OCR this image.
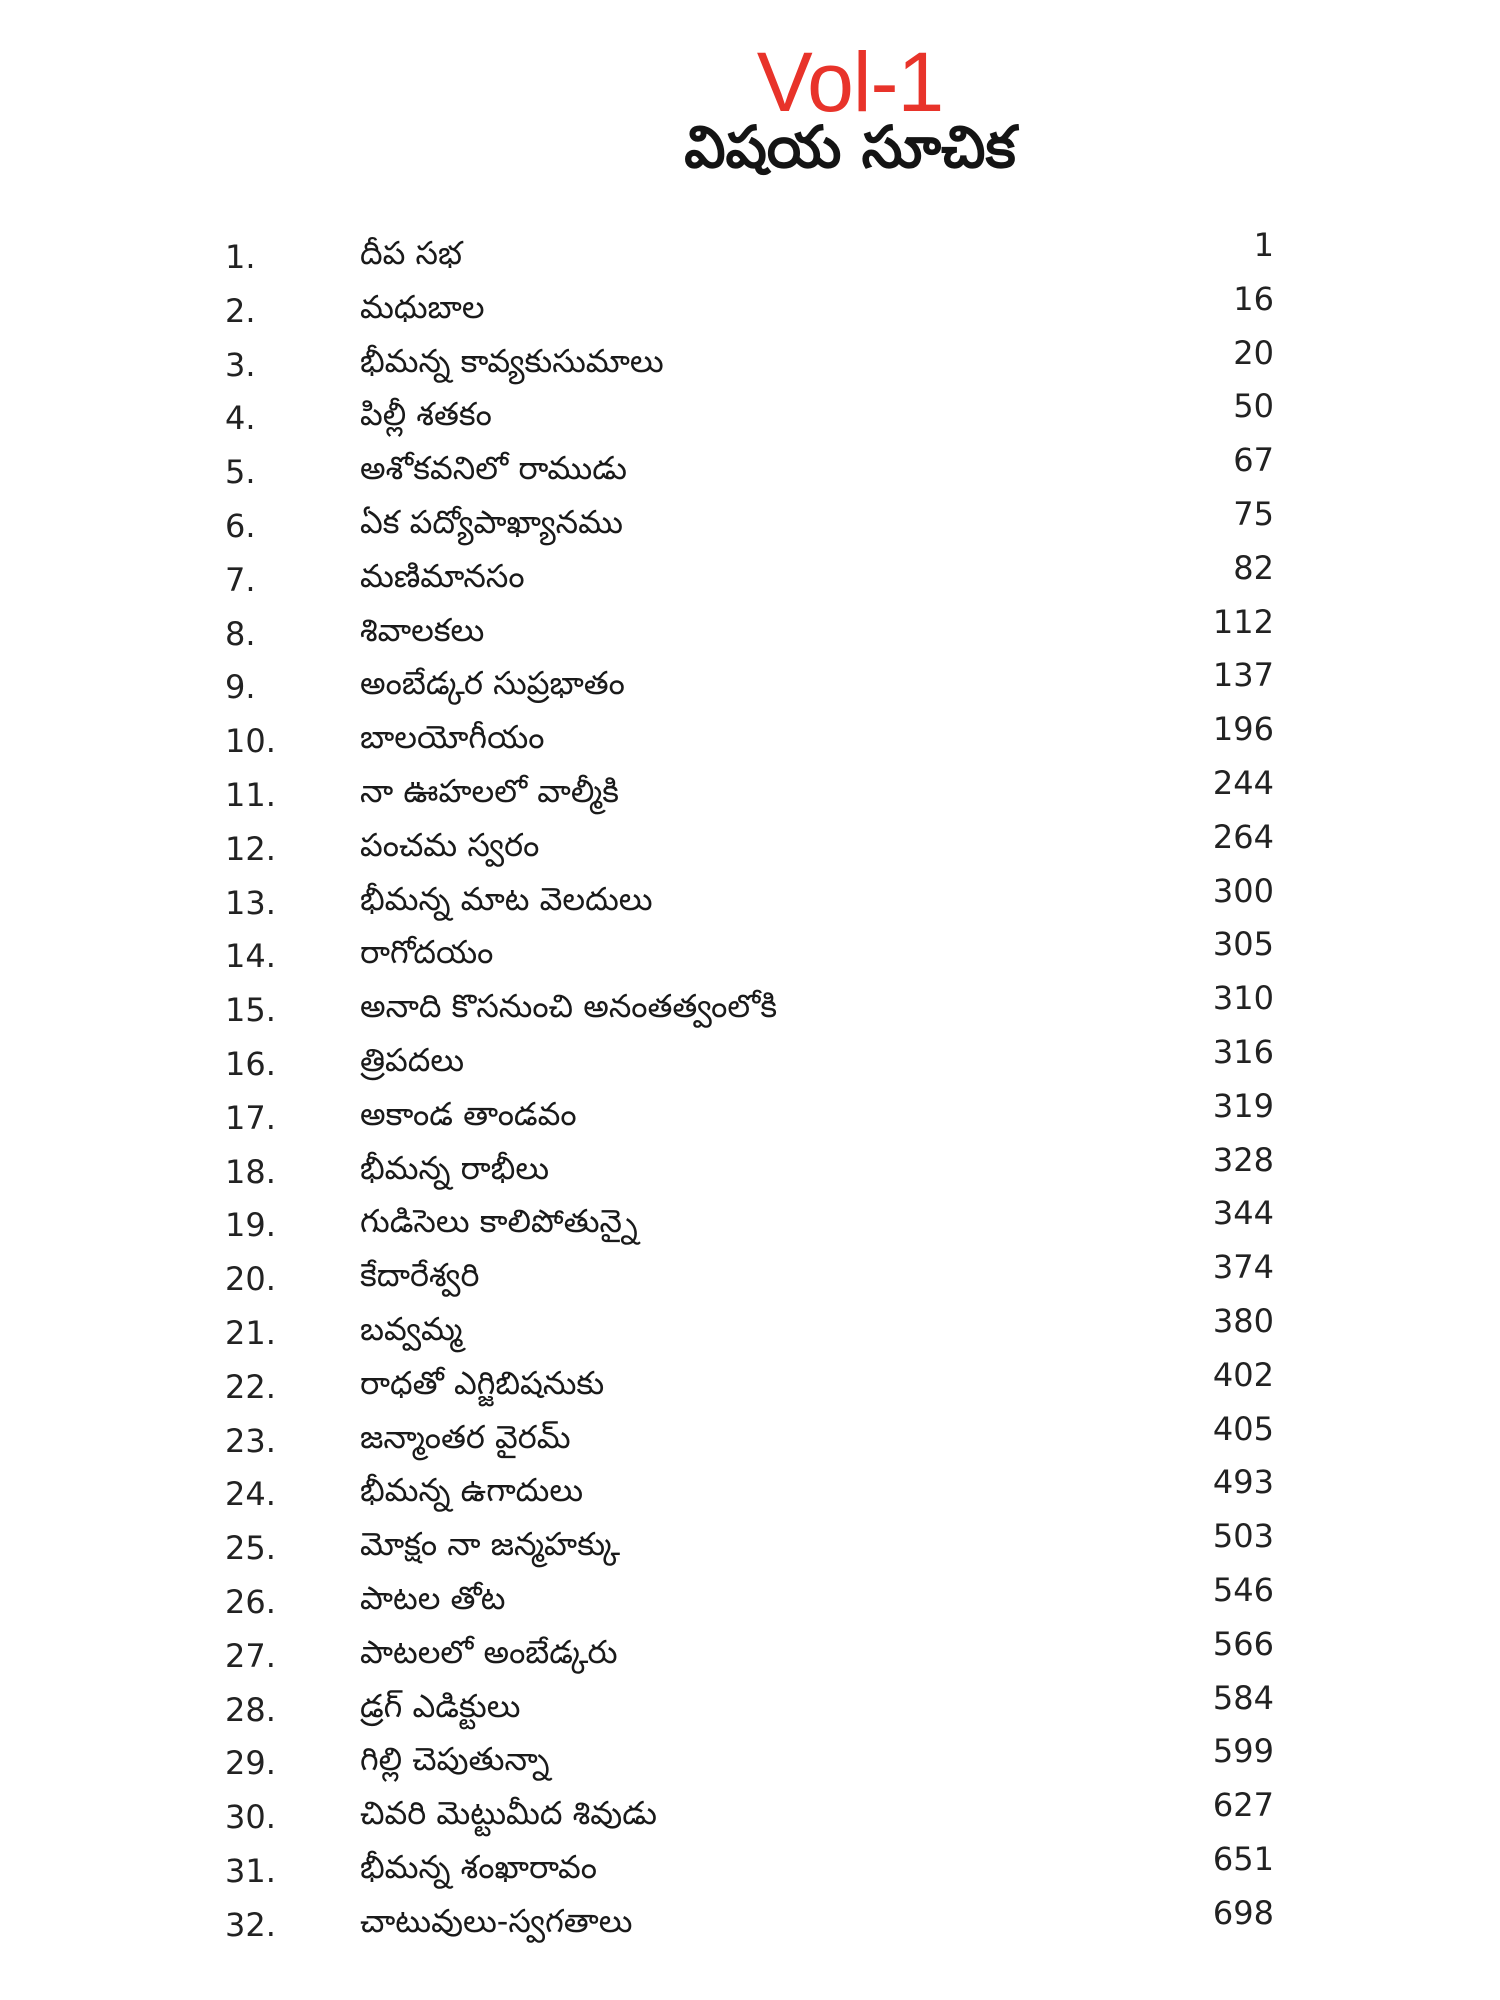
Vol-1
విషయ సూచిక
1.	దీప సభ	1
2.	మధుబాల	16
3.	భీమన్న కావ్యకుసుమాలు	20
4.	పిల్లీ శతకం	50
5.	అశోకవనిలో రాముడు	67
6.	ఏక పద్యోపాఖ్యానము	75
7.	మణిమానసం	82
8.	శివాలకలు	112
9.	అంబేడ్కర సుప్రభాతం	137
10.	బాలయోగీయం	196
11.	నా ఊహలలో వాల్మీకి	244
12.	పంచమ స్వరం	264
13.	భీమన్న మాట వెలదులు	300
14.	రాగోదయం	305
15.	అనాది కొసనుంచి అనంతత్వంలోకి	310
16.	త్రిపదలు	316
17.	అకాండ తాండవం	319
18.	భీమన్న రాభీలు	328
19.	గుడిసెలు కాలిపోతున్నై	344
20.	కేదారేశ్వరి	374
21.	బవ్వమ్మ	380
22.	రాధతో ఎగ్జిబిషనుకు	402
23.	జన్మాంతర వైరమ్	405
24.	భీమన్న ఉగాదులు	493
25.	మోక్షం నా జన్మహక్కు	503
26.	పాటల తోట	546
27.	పాటలలో అంబేడ్కరు	566
28.	డ్రగ్ ఎడిక్టులు	584
29.	గిల్లి చెపుతున్నా	599
30.	చివరి మెట్టుమీద శివుడు	627
31.	భీమన్న శంఖారావం	651
32.	చాటువులు-స్వగతాలు	698
